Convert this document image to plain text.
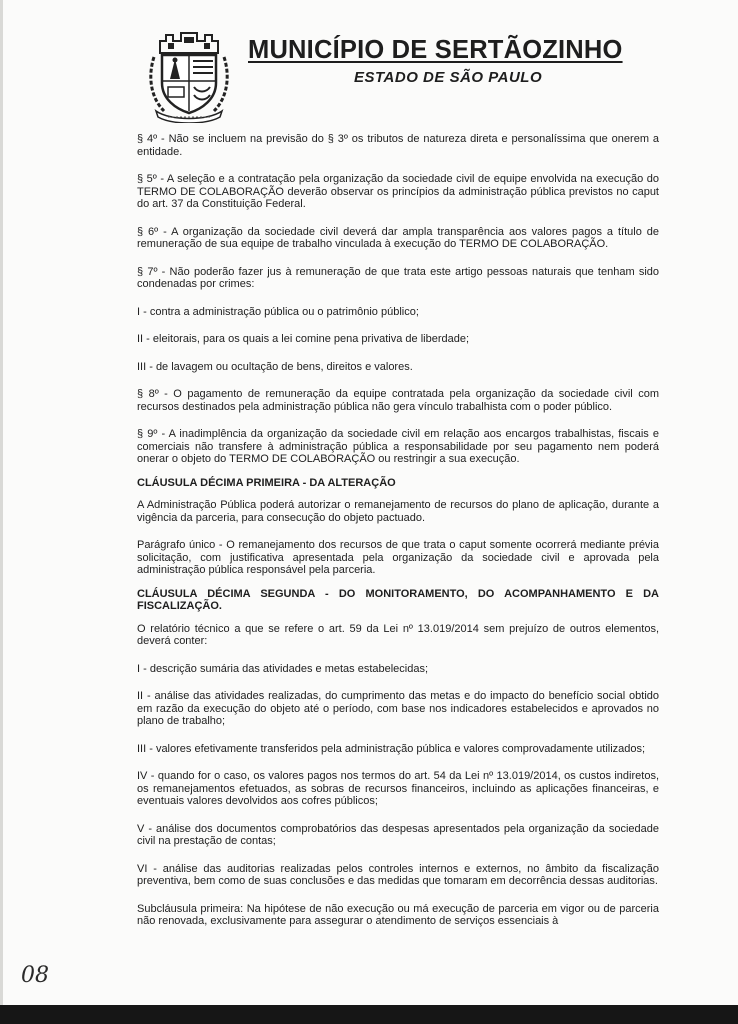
MUNICÍPIO DE SERTÃOZINHO
ESTADO DE SÃO PAULO

§ 4º - Não se incluem na previsão do § 3º os tributos de natureza direta e personalíssima que onerem a entidade.

§ 5º - A seleção e a contratação pela organização da sociedade civil de equipe envolvida na execução do TERMO DE COLABORAÇÃO deverão observar os princípios da administração pública previstos no caput do art. 37 da Constituição Federal.

§ 6º - A organização da sociedade civil deverá dar ampla transparência aos valores pagos a título de remuneração de sua equipe de trabalho vinculada à execução do TERMO DE COLABORAÇÃO.

§ 7º - Não poderão fazer jus à remuneração de que trata este artigo pessoas naturais que tenham sido condenadas por crimes:

I - contra a administração pública ou o patrimônio público;

II - eleitorais, para os quais a lei comine pena privativa de liberdade;

III - de lavagem ou ocultação de bens, direitos e valores.

§ 8º - O pagamento de remuneração da equipe contratada pela organização da sociedade civil com recursos destinados pela administração pública não gera vínculo trabalhista com o poder público.

§ 9º - A inadimplência da organização da sociedade civil em relação aos encargos trabalhistas, fiscais e comerciais não transfere à administração pública a responsabilidade por seu pagamento nem poderá onerar o objeto do TERMO DE COLABORAÇÃO ou restringir a sua execução.

CLÁUSULA DÉCIMA PRIMEIRA - DA ALTERAÇÃO

A Administração Pública poderá autorizar o remanejamento de recursos do plano de aplicação, durante a vigência da parceria, para consecução do objeto pactuado.

Parágrafo único - O remanejamento dos recursos de que trata o caput somente ocorrerá mediante prévia solicitação, com justificativa apresentada pela organização da sociedade civil e aprovada pela administração pública responsável pela parceria.

CLÁUSULA DÉCIMA SEGUNDA - DO MONITORAMENTO, DO ACOMPANHAMENTO E DA FISCALIZAÇÃO.

O relatório técnico a que se refere o art. 59 da Lei nº 13.019/2014 sem prejuízo de outros elementos, deverá conter:

I - descrição sumária das atividades e metas estabelecidas;

II - análise das atividades realizadas, do cumprimento das metas e do impacto do benefício social obtido em razão da execução do objeto até o período, com base nos indicadores estabelecidos e aprovados no plano de trabalho;

III - valores efetivamente transferidos pela administração pública e valores comprovadamente utilizados;

IV - quando for o caso, os valores pagos nos termos do art. 54 da Lei nº 13.019/2014, os custos indiretos, os remanejamentos efetuados, as sobras de recursos financeiros, incluindo as aplicações financeiras, e eventuais valores devolvidos aos cofres públicos;

V - análise dos documentos comprobatórios das despesas apresentados pela organização da sociedade civil na prestação de contas;

VI - análise das auditorias realizadas pelos controles internos e externos, no âmbito da fiscalização preventiva, bem como de suas conclusões e das medidas que tomaram em decorrência dessas auditorias.

Subcláusula primeira: Na hipótese de não execução ou má execução de parceria em vigor ou de parceria não renovada, exclusivamente para assegurar o atendimento de serviços essenciais à

08
